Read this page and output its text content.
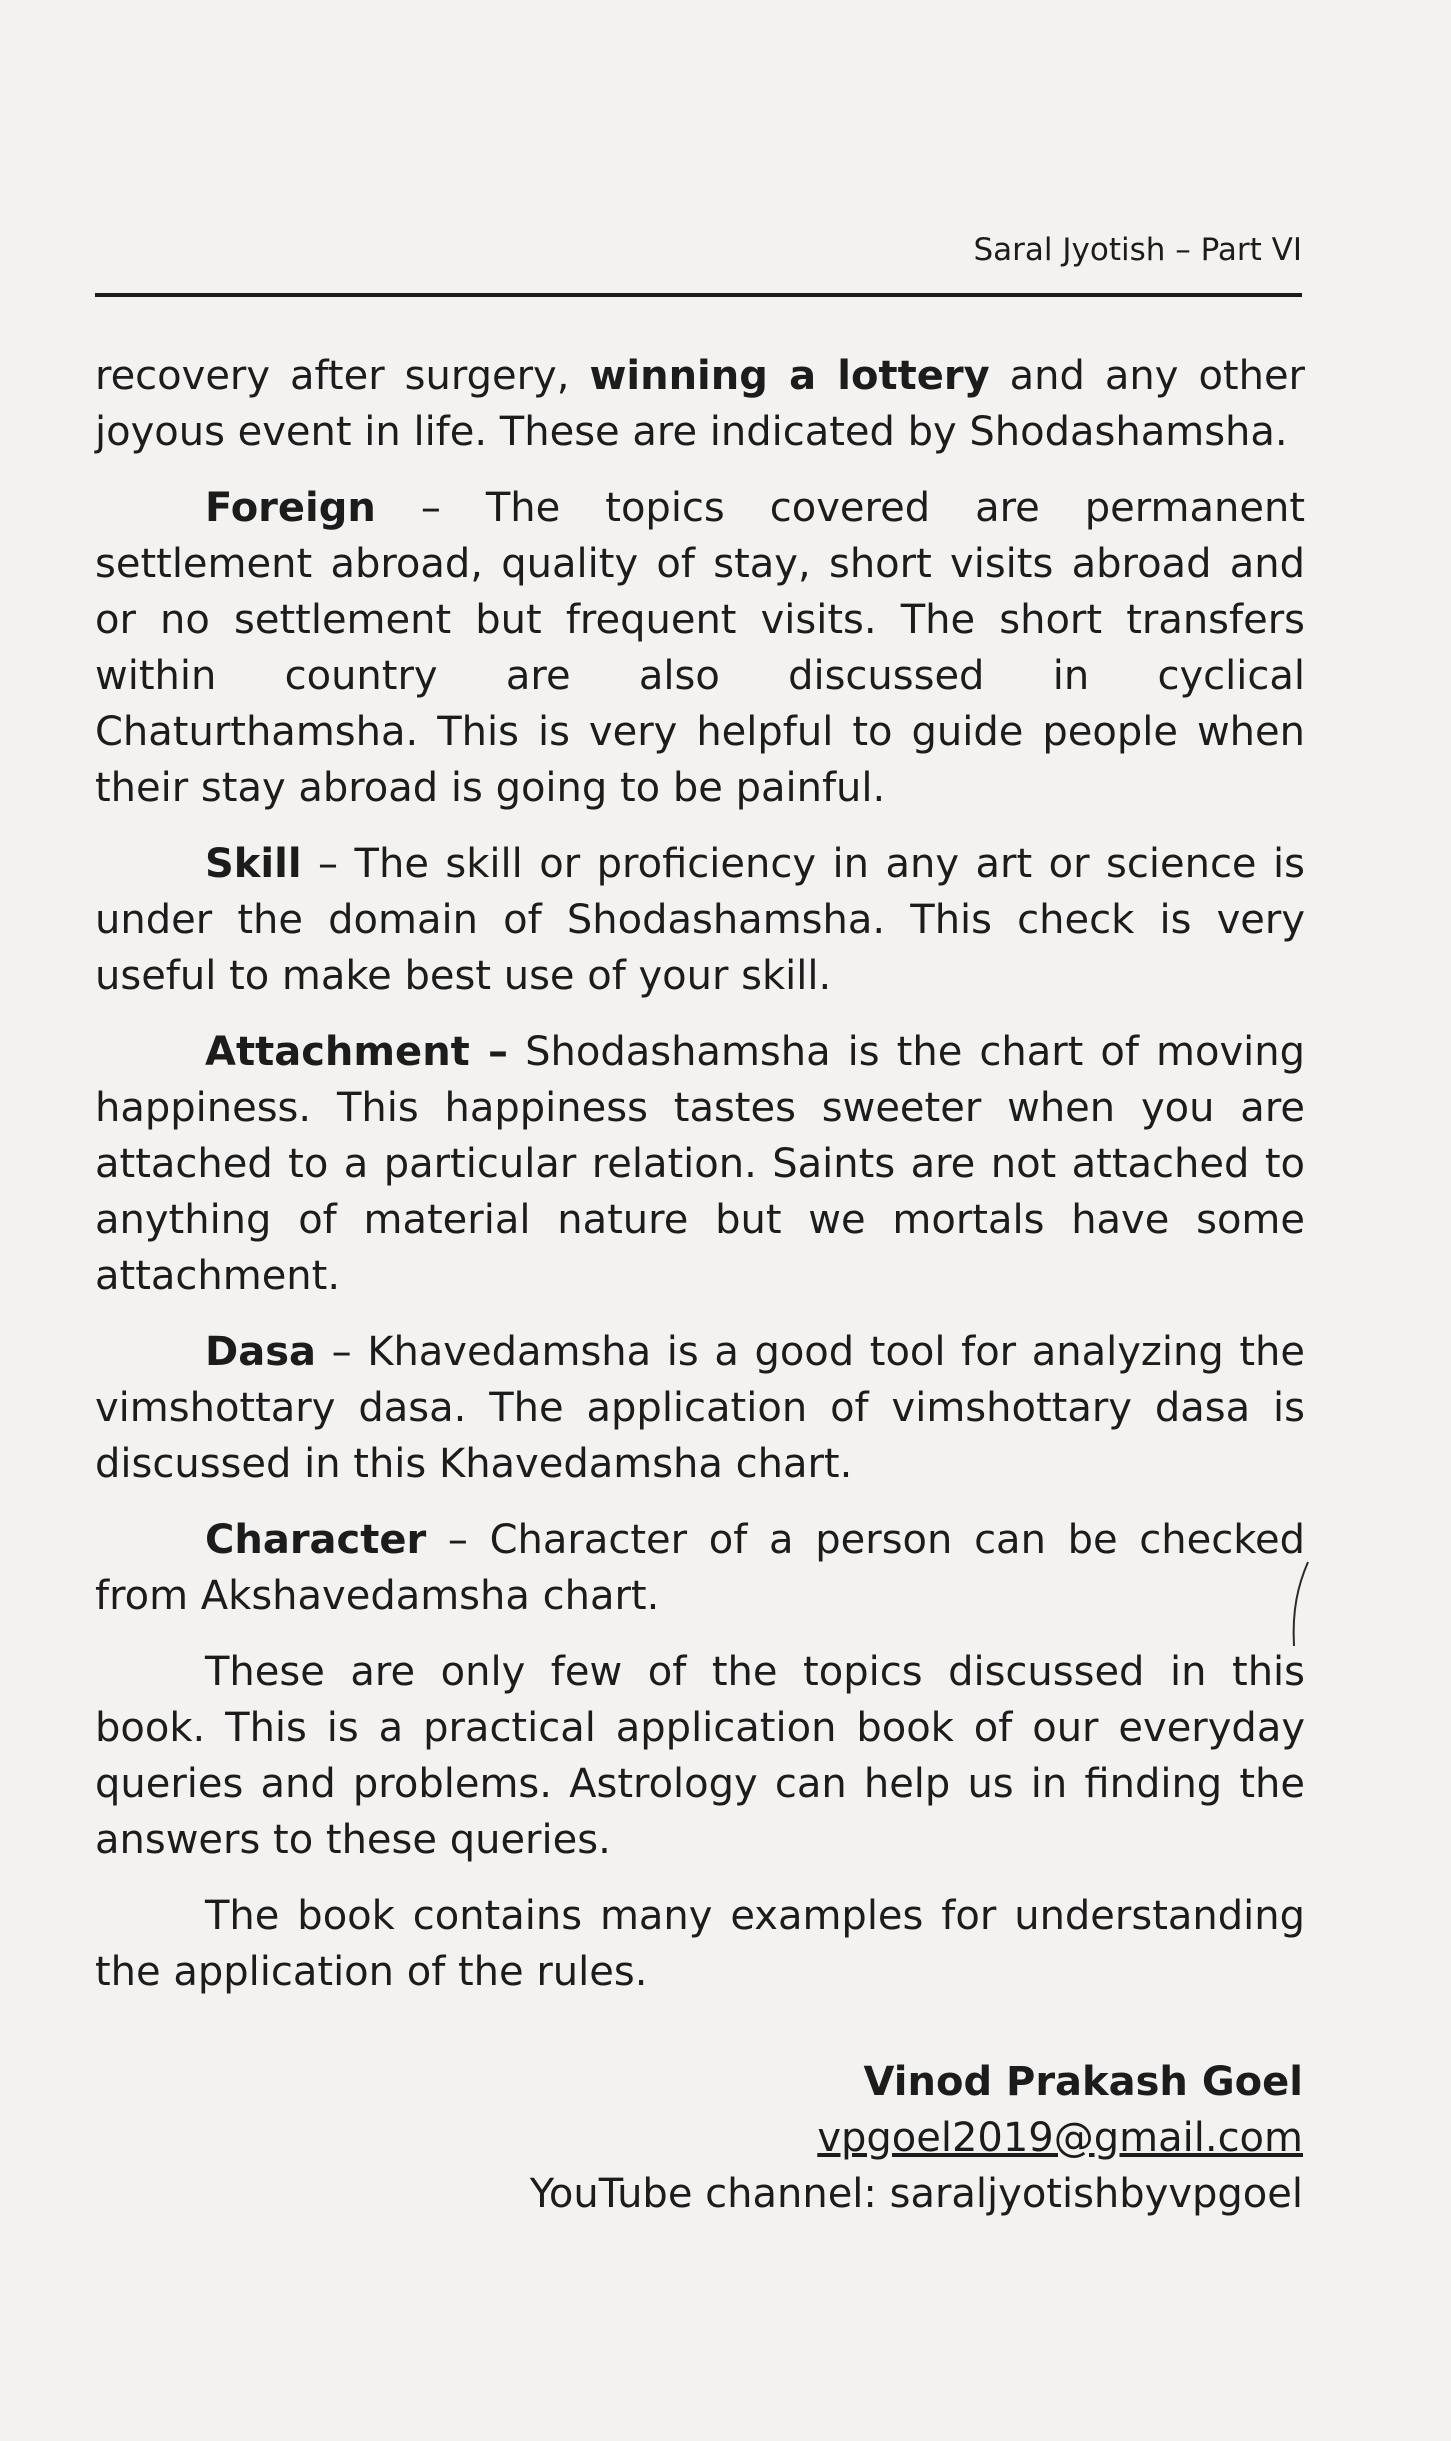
Saral Jyotish – Part VI

recovery after surgery, winning a lottery and any other joyous event in life. These are indicated by Shodashamsha.

Foreign – The topics covered are permanent settlement abroad, quality of stay, short visits abroad and or no settlement but frequent visits. The short transfers within country are also discussed in cyclical Chaturthamsha. This is very helpful to guide people when their stay abroad is going to be painful.

Skill – The skill or proficiency in any art or science is under the domain of Shodashamsha. This check is very useful to make best use of your skill.

Attachment – Shodashamsha is the chart of moving happiness. This happiness tastes sweeter when you are attached to a particular relation. Saints are not attached to anything of material nature but we mortals have some attachment.

Dasa – Khavedamsha is a good tool for analyzing the vimshottary dasa. The application of vimshottary dasa is discussed in this Khavedamsha chart.

Character – Character of a person can be checked from Akshavedamsha chart.

These are only few of the topics discussed in this book. This is a practical application book of our everyday queries and problems. Astrology can help us in finding the answers to these queries.

The book contains many examples for understanding the application of the rules.

Vinod Prakash Goel
vpgoel2019@gmail.com
YouTube channel: saraljyotishbyvpgoel
